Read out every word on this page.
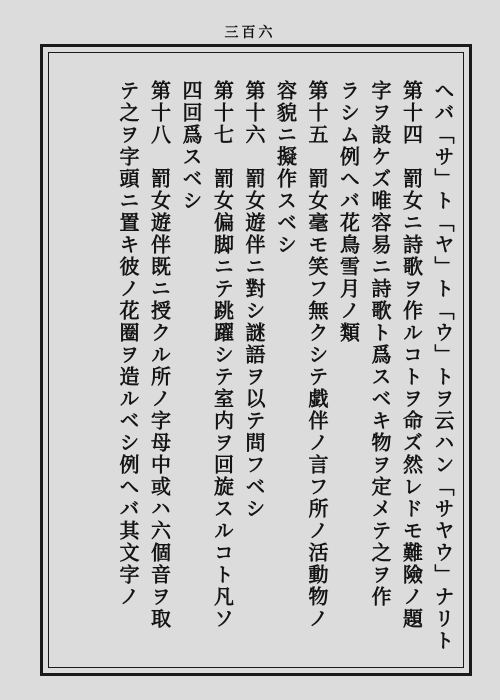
三百六
へバ「サ」ト「ヤ」ト「ウ」トヲ云ハン「サヤウ」ナリト
第十四　罰女ニ詩歌ヲ作ルコトヲ命ズ然レドモ難險ノ題
字ヲ設ケズ唯容易ニ詩歌ト爲スベキ物ヲ定メテ之ヲ作
ラシム例へバ花鳥雪月ノ類
第十五　罰女毫モ笑フ無クシテ戯伴ノ言フ所ノ活動物ノ
容貌ニ擬作スベシ
第十六　罰女遊伴ニ對シ謎語ヲ以テ問フベシ
第十七　罰女偏脚ニテ跳躍シテ室内ヲ回旋スルコト凡ソ
四回爲スベシ
第十八　罰女遊伴既ニ授クル所ノ字母中或ハ六個音ヲ取
テ之ヲ字頭ニ置キ彼ノ花圈ヲ造ルベシ例へバ其文字ノ
